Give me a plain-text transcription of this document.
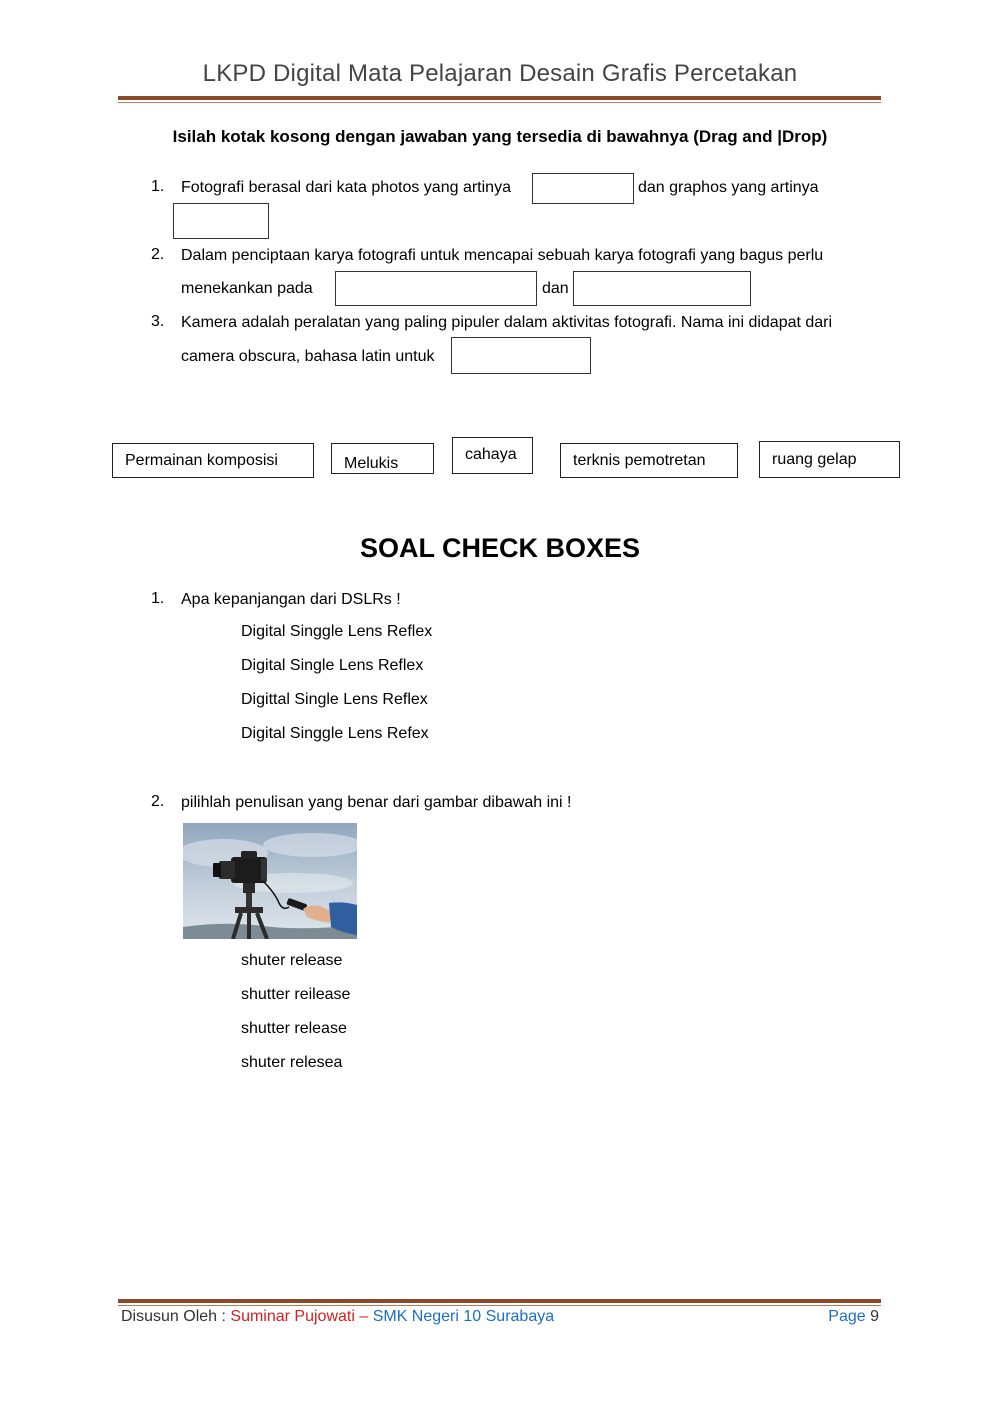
LKPD Digital Mata Pelajaran Desain Grafis Percetakan
Isilah kotak kosong dengan jawaban yang tersedia di bawahnya (Drag and |Drop)
1. Fotografi berasal dari kata photos yang artinya	dan graphos yang artinya
2. Dalam penciptaan karya fotografi untuk mencapai sebuah karya fotografi yang bagus perlu
menekankan pada	dan
3. Kamera adalah peralatan yang paling pipuler dalam aktivitas fotografi. Nama ini didapat dari
camera obscura, bahasa latin untuk
Permainan komposisi	Melukis
cahaya	terknis pemotretan	ruang gelap
SOAL CHECK BOXES
1. Apa kepanjangan dari DSLRs !
Digital Singgle Lens Reflex
Digital Single Lens Reflex
Digittal Single Lens Reflex
Digital Singgle Lens Refex
2. pilihlah penulisan yang benar dari gambar dibawah ini !
shuter release
shutter reilease
shutter release
shuter relesea
Disusun Oleh : Suminar Pujowati – SMK Negeri 10 Surabaya	Page 9
